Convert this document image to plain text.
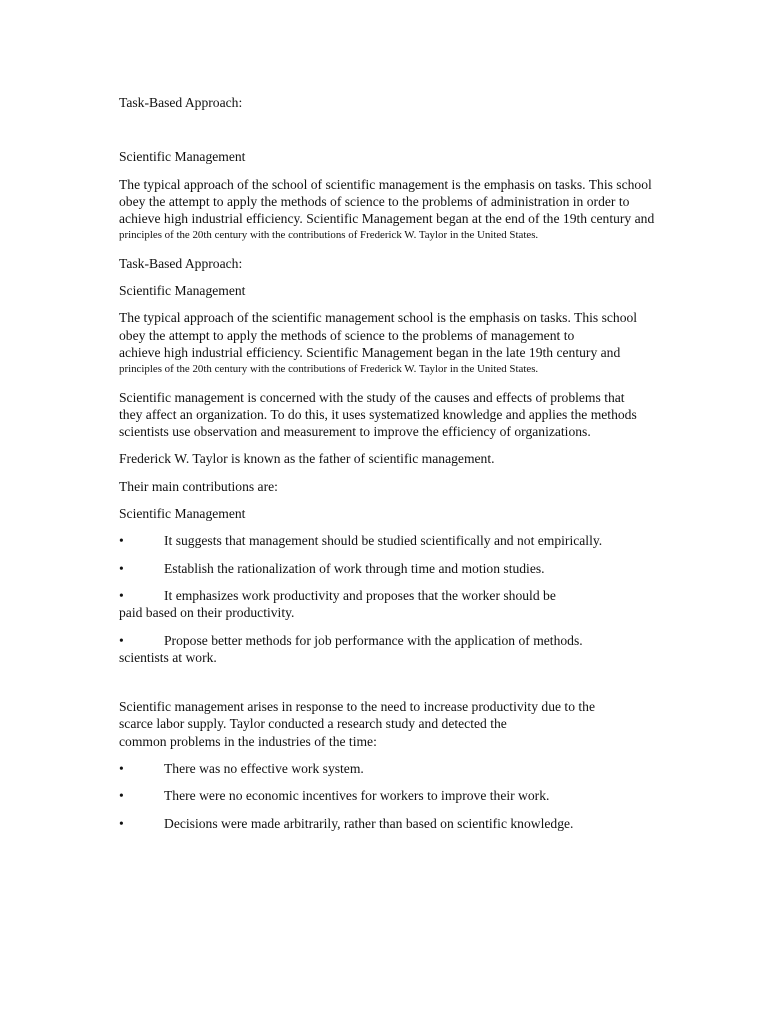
Task-Based Approach:
Scientific Management
The typical approach of the school of scientific management is the emphasis on tasks. This school
obey the attempt to apply the methods of science to the problems of administration in order to
achieve high industrial efficiency. Scientific Management began at the end of the 19th century and
principles of the 20th century with the contributions of Frederick W. Taylor in the United States.
Task-Based Approach:
Scientific Management
The typical approach of the scientific management school is the emphasis on tasks. This school
obey the attempt to apply the methods of science to the problems of management to
achieve high industrial efficiency. Scientific Management began in the late 19th century and
principles of the 20th century with the contributions of Frederick W. Taylor in the United States.
Scientific management is concerned with the study of the causes and effects of problems that
they affect an organization. To do this, it uses systematized knowledge and applies the methods
scientists use observation and measurement to improve the efficiency of organizations.
Frederick W. Taylor is known as the father of scientific management.
Their main contributions are:
Scientific Management
•	It suggests that management should be studied scientifically and not empirically.
•	Establish the rationalization of work through time and motion studies.
•	It emphasizes work productivity and proposes that the worker should be
paid based on their productivity.
•	Propose better methods for job performance with the application of methods.
scientists at work.
Scientific management arises in response to the need to increase productivity due to the
scarce labor supply. Taylor conducted a research study and detected the
common problems in the industries of the time:
•	There was no effective work system.
•	There were no economic incentives for workers to improve their work.
•	Decisions were made arbitrarily, rather than based on scientific knowledge.
